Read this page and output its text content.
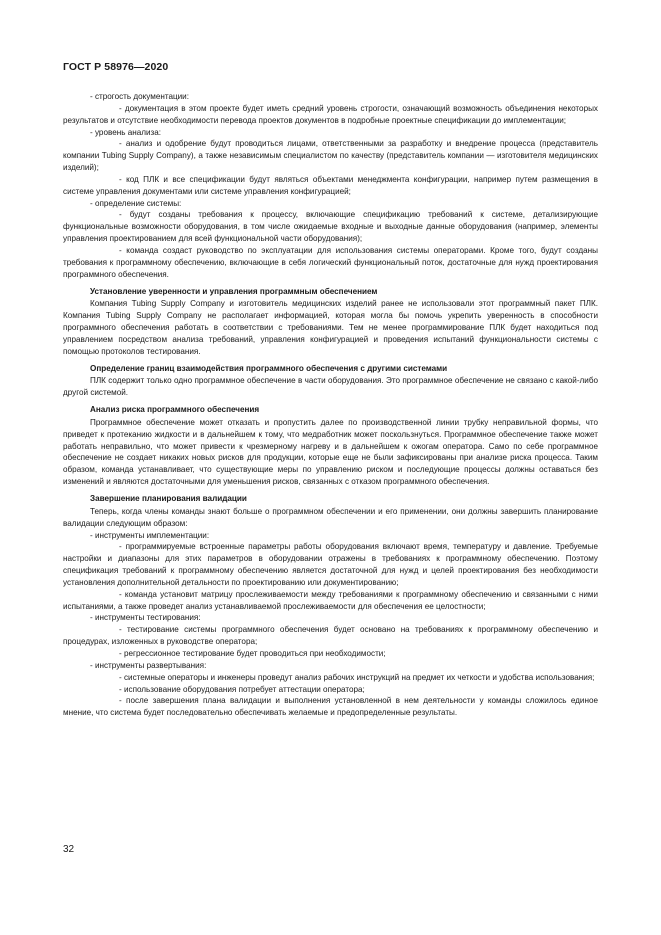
ГОСТ Р 58976—2020

- строгость документации:

- документация в этом проекте будет иметь средний уровень строгости, означающий возможность объединения некоторых результатов и отсутствие необходимости перевода проектов документов в подробные проектные спецификации до имплементации;

- уровень анализа:

- анализ и одобрение будут проводиться лицами, ответственными за разработку и внедрение процесса (представитель компании Tubing Supply Company), а также независимым специалистом по качеству (представитель компании — изготовителя медицинских изделий);

- код ПЛК и все спецификации будут являться объектами менеджмента конфигурации, например путем размещения в системе управления документами или системе управления конфигурацией;

- определение системы:

- будут созданы требования к процессу, включающие спецификацию требований к системе, детализирующие функциональные возможности оборудования, в том числе ожидаемые входные и выходные данные оборудования (например, элементы управления проектированием для всей функциональной части оборудования);

- команда создаст руководство по эксплуатации для использования системы операторами. Кроме того, будут созданы требования к программному обеспечению, включающие в себя логический функциональный поток, достаточные для нужд проектирования программного обеспечения.

Установление уверенности и управления программным обеспечением

Компания Tubing Supply Company и изготовитель медицинских изделий ранее не использовали этот программный пакет ПЛК. Компания Tubing Supply Company не располагает информацией, которая могла бы помочь укрепить уверенность в способности программного обеспечения работать в соответствии с требованиями. Тем не менее программирование ПЛК будет находиться под управлением посредством анализа требований, управления конфигурацией и проведения испытаний функциональности системы с помощью протоколов тестирования.

Определение границ взаимодействия программного обеспечения с другими системами

ПЛК содержит только одно программное обеспечение в части оборудования. Это программное обеспечение не связано с какой-либо другой системой.

Анализ риска программного обеспечения

Программное обеспечение может отказать и пропустить далее по производственной линии трубку неправильной формы, что приведет к протеканию жидкости и в дальнейшем к тому, что медработник может поскользнуться. Программное обеспечение также может работать неправильно, что может привести к чрезмерному нагреву и в дальнейшем к ожогам оператора. Само по себе программное обеспечение не создает никаких новых рисков для продукции, которые еще не были зафиксированы при анализе риска процесса. Таким образом, команда устанавливает, что существующие меры по управлению риском и последующие процессы должны оставаться без изменений и являются достаточными для уменьшения рисков, связанных с отказом программного обеспечения.

Завершение планирования валидации

Теперь, когда члены команды знают больше о программном обеспечении и его применении, они должны завершить планирование валидации следующим образом:

- инструменты имплементации:

- программируемые встроенные параметры работы оборудования включают время, температуру и давление. Требуемые настройки и диапазоны для этих параметров в оборудовании отражены в требованиях к программному обеспечению. Поэтому спецификация требований к программному обеспечению является достаточной для нужд и целей проектирования без необходимости установления дополнительной детальности по проектированию или документированию;

- команда установит матрицу прослеживаемости между требованиями к программному обеспечению и связанными с ними испытаниями, а также проведет анализ устанавливаемой прослеживаемости для обеспечения ее целостности;

- инструменты тестирования:

- тестирование системы программного обеспечения будет основано на требованиях к программному обеспечению и процедурах, изложенных в руководстве оператора;

- регрессионное тестирование будет проводиться при необходимости;

- инструменты развертывания:

- системные операторы и инженеры проведут анализ рабочих инструкций на предмет их четкости и удобства использования;

- использование оборудования потребует аттестации оператора;

- после завершения плана валидации и выполнения установленной в нем деятельности у команды сложилось единое мнение, что система будет последовательно обеспечивать желаемые и предопределенные результаты.

32
